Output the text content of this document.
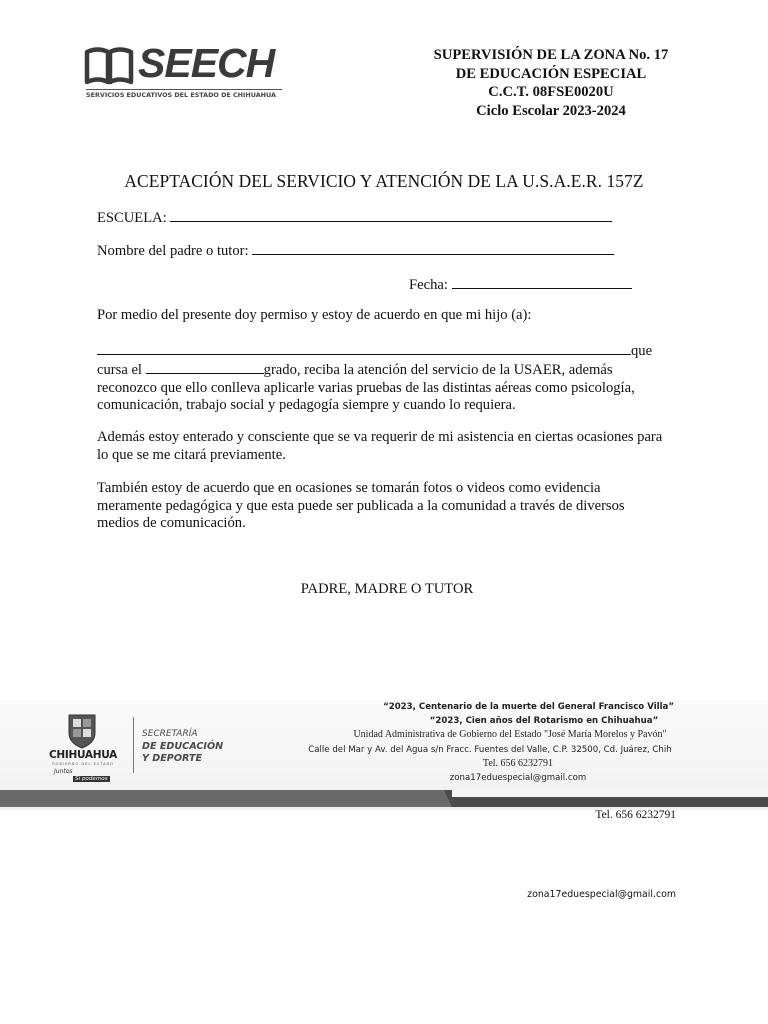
SEECH
SERVICIOS EDUCATIVOS DEL ESTADO DE CHIHUAHUA
SUPERVISIÓN DE LA ZONA No. 17
DE EDUCACIÓN ESPECIAL
C.C.T. 08FSE0020U
Ciclo Escolar 2023-2024
ACEPTACIÓN DEL SERVICIO Y ATENCIÓN DE LA U.S.A.E.R. 157Z
ESCUELA:
Nombre del padre o tutor:
Fecha:
Por medio del presente doy permiso y estoy de acuerdo en que mi hijo (a):
que
cursa el	grado, reciba la atención del servicio de la USAER, además reconozco que ello conlleva aplicarle varias pruebas de las distintas aéreas como psicología, comunicación, trabajo social y pedagogía siempre y cuando lo requiera.
Además estoy enterado y consciente que se va requerir de mi asistencia en ciertas ocasiones para lo que se me citará previamente.
También estoy de acuerdo que en ocasiones se tomarán fotos o videos como evidencia meramente pedagógica y que esta puede ser publicada a la comunidad a través de diversos medios de comunicación.
PADRE, MADRE O TUTOR
CHIHUAHUA
GOBIERNO DEL ESTADO
Juntos
Sí podemos
SECRETARÍA
DE EDUCACIÓN
Y DEPORTE
“2023, Centenario de la muerte del General Francisco Villa”
“2023, Cien años del Rotarismo en Chihuahua”
Unidad Administrativa de Gobierno del Estado "José María Morelos y Pavón"
Calle del Mar y Av. del Agua s/n Fracc. Fuentes del Valle, C.P. 32500, Cd. Juárez, Chih
Tel. 656 6232791
zona17eduespecial@gmail.com
Tel. 656 6232791
zona17eduespecial@gmail.com
